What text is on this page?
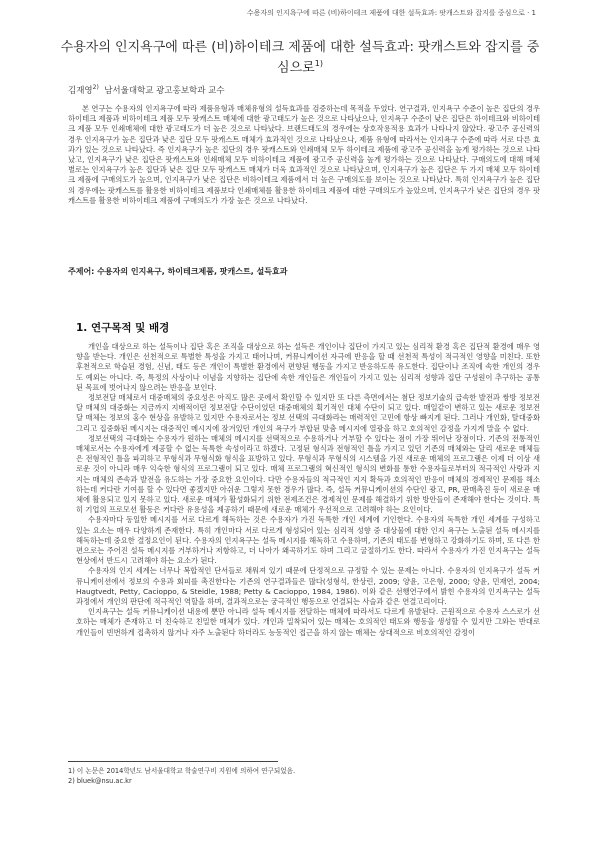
수용자의 인지욕구에 따른 (비)하이테크 제품에 대한 설득효과: 팟캐스트와 잡지를 중심으로 · 1
수용자의 인지욕구에 따른 (비)하이테크 제품에 대한 설득효과: 팟캐스트와 잡지를 중심으로$^{1)}$
김재영$^{2)}$ 남서울대학교 광고홍보학과 교수
본 연구는 수용자의 인지욕구에 따라 제품유형과 매체유형의 설득효과를 검증하는데 목적을 두었다. 연구결과, 인지욕구 수준이 높은 집단의 경우 하이테크 제품과 비하이테크 제품 모두 팟캐스트 매체에 대한 광고태도가 높은 것으로 나타났으나, 인지욕구 수준이 낮은 집단은 하이테크와 비하이테크 제품 모두 인쇄매체에 대한 광고태도가 더 높은 것으로 나타났다. 브랜드태도의 경우에는 상호작용적용 효과가 나타나지 않았다. 광고주 공신력의 경우 인지욕구가 높은 집단과 낮은 집단 모두 팟캐스트 매체가 효과적인 것으로 나타났으나, 제품 유형에 따라서는 인지욕구 수준에 따라 서로 다른 효과가 있는 것으로 나타났다. 즉 인지욕구가 높은 집단의 경우 팟캐스트와 인쇄매체 모두 하이테크 제품에 광고주 공신력을 높게 평가하는 것으로 나타났고, 인지욕구가 낮은 집단은 팟캐스트와 인쇄매체 모두 비하이테크 제품에 광고주 공신력을 높게 평가하는 것으로 나타났다. 구매의도에 대해 매체별로는 인지욕구가 높은 집단과 낮은 집단 모두 팟캐스트 매체가 더욱 효과적인 것으로 나타났으며, 인지욕구가 높은 집단은 두 가지 매체 모두 하이테크 제품에 구매의도가 높으며, 인지욕구가 낮은 집단은 비하이테크 제품에서 더 높은 구매의도를 보이는 것으로 나타났다. 특히 인지욕구가 높은 집단의 경우에는 팟캐스트를 활용한 비하이테크 제품보다 인쇄매체를 활용한 하이테크 제품에 대한 구매의도가 높았으며, 인지욕구가 낮은 집단의 경우 팟캐스트를 활용한 비하이테크 제품에 구매의도가 가장 높은 것으로 나타났다.
주제어: 수용자의 인지욕구, 하이테크제품, 팟캐스트, 설득효과
1. 연구목적 및 배경

개인을 대상으로 하는 설득이나 집단 혹은 조직을 대상으로 하는 설득은 개인이나 집단이 가지고 있는 심리적 환경 혹은 집단적 환경에 매우 영향을 받는다. 개인은 선천적으로 특별한 특성을 가지고 태어나며, 커뮤니케이션 자극에 반응을 할 때 선천적 특성이 적극적인 영향을 미친다. 또한 후천적으로 학습된 경험, 신념, 태도 등은 개인이 특별한 환경에서 편향된 행동을 가지고 반응하도록 유도한다. 집단이나 조직에 속한 개인의 경우도 예외는 아니다. 즉, 특정의 사상이나 이념을 지향하는 집단에 속한 개인들은 개인들이 가지고 있는 심리적 성향과 집단 구성원이 추구하는 공통된 목표에 벗어나지 않으려는 반응을 보인다.

정보전달 매체로서 대중매체의 중요성은 아직도 많은 곳에서 확인할 수 있지만 또 다른 측면에서는 첨단 정보기술의 급속한 발전과 쌍방 정보전달 매체의 대중화는 지금까지 지배적이던 정보전달 수단이었던 대중매체의 획기적인 대체 수단이 되고 있다. 매일같이 변하고 있는 새로운 정보전달 매체는 정보의 홍수 현상을 유발하고 있지만 수용자로서는 정보 선택의 극대화라는 매력적인 고민에 항상 빠지게 된다. 그러나 개인화, 탈대중화 그리고 집중화된 메시지는 대중적인 메시지에 잠겨있던 개인의 욕구가 부합된 맞춤 메시지에 열광을 하고 호의적인 감정을 가지게 말을 수 없다.

정보선택의 극대화는 수용자가 원하는 매체의 메시지를 선택적으로 수용하거나 거부할 수 있다는 점이 가장 뛰어난 장점이다. 기존의 전통적인 매체로서는 수용자에게 제공할 수 없는 독특한 속성이라고 하겠다. 고정된 형식과 전형적인 틀을 가지고 있던 기존의 매체와는 달리 새로운 매체들은 전형적인 틀을 파괴하고 무형식과 무형식화 형식을 표방하고 있다. 무형식과 무형식의 시스템을 가진 새로운 매체의 프로그램은 이제 더 이상 새로운 것이 아니라 매우 익숙한 형식의 프로그램이 되고 있다. 매체 프로그램의 혁신적인 형식의 변화를 통한 수용자들로부터의 적극적인 사랑과 지지는 매체의 존속과 발전을 유도하는 가장 중요한 요인이다. 다만 수용자들의 적극적인 지지 확득과 호의적인 반응이 매체의 경제적인 문제를 해소하는데 커다란 기여를 할 수 있다면 좋겠지만 아쉬운 그렇지 못한 경우가 많다. 즉, 설득 커뮤니케이션의 수단인 광고, PR, 판매촉진 등이 새로운 매체에 활용되고 있지 못하고 있다. 새로운 매체가 활성화되기 위한 전제조건은 경제적인 문제를 해결하기 위한 방안들이 존재해야 한다는 것이다. 특히 기업의 프로모션 활동은 커다란 유용성을 제공하기 때문에 새로운 매체가 우선적으로 고려해야 하는 요인이다.

수용자마다 동일한 메시지를 서로 다르게 해독하는 것은 수용자가 가진 독특한 개인 세계에 기인한다. 수용자의 독특한 개인 세계를 구성하고 있는 요소는 매우 다양하게 존재한다. 특히 개인마다 서로 다르게 형성되어 있는 심리적 성향 중 대상물에 대한 인지 욕구는 노출된 설득 메시지를 해독하는데 중요한 결정요인이 된다. 수용자의 인지욕구는 설득 메시지를 해독하고 수용하며, 기존의 태도를 변형하고 강화하기도 하며, 또 다른 한편으로는 주어진 설득 메시지를 거부하거나 저항하고, 더 나아가 왜곡하기도 하며 그리고 굴절하기도 한다. 따라서 수용자가 가진 인지욕구는 설득 현상에서 반드시 고려해야 하는 요소가 된다.

수용자의 인지 세계는 너무나 복합적인 단서들로 채워져 있기 때문에 단정적으로 규정할 수 있는 문제는 아니다. 수용자의 인지욕구가 설득 커뮤니케이션에서 정보의 수용과 회피를 촉진한다는 기존의 연구결과들은 많다(성형석, 한상린, 2009; 양윤, 고은형, 2000; 양윤, 민재연, 2004; Haugtvedt, Petty, Cacioppo, & Steidle, 1988; Petty & Cacioppo, 1984, 1986). 이와 같은 선행연구에서 밝힌 수용자의 인지욕구는 설득과정에서 개인의 판단에 적극적인 역할을 하며, 결과적으로는 궁극적인 행동으로 연결되는 사슬과 같은 연결고리이다.

인지욕구는 설득 커뮤니케이션 내용에 뿐만 아니라 설득 메시지를 전달하는 매체에 따라서도 다르게 유발된다. 근원적으로 수용자 스스로가 선호하는 매체가 존재하고 더 친숙하고 친밀한 매체가 있다. 개인과 밀착되어 있는 매체는 호의적인 태도와 행동을 생성할 수 있지만 그와는 반대로 개인들이 빈번하게 접촉하지 않거나 자주 노출된다 하더라도 능동적인 접근을 하지 않는 매체는 상대적으로 비호의적인 감정이

1) 이 논문은 2014학년도 남서울대학교 학술연구비 지원에 의하여 연구되었음.
2) bluek@nsu.ac.kr
